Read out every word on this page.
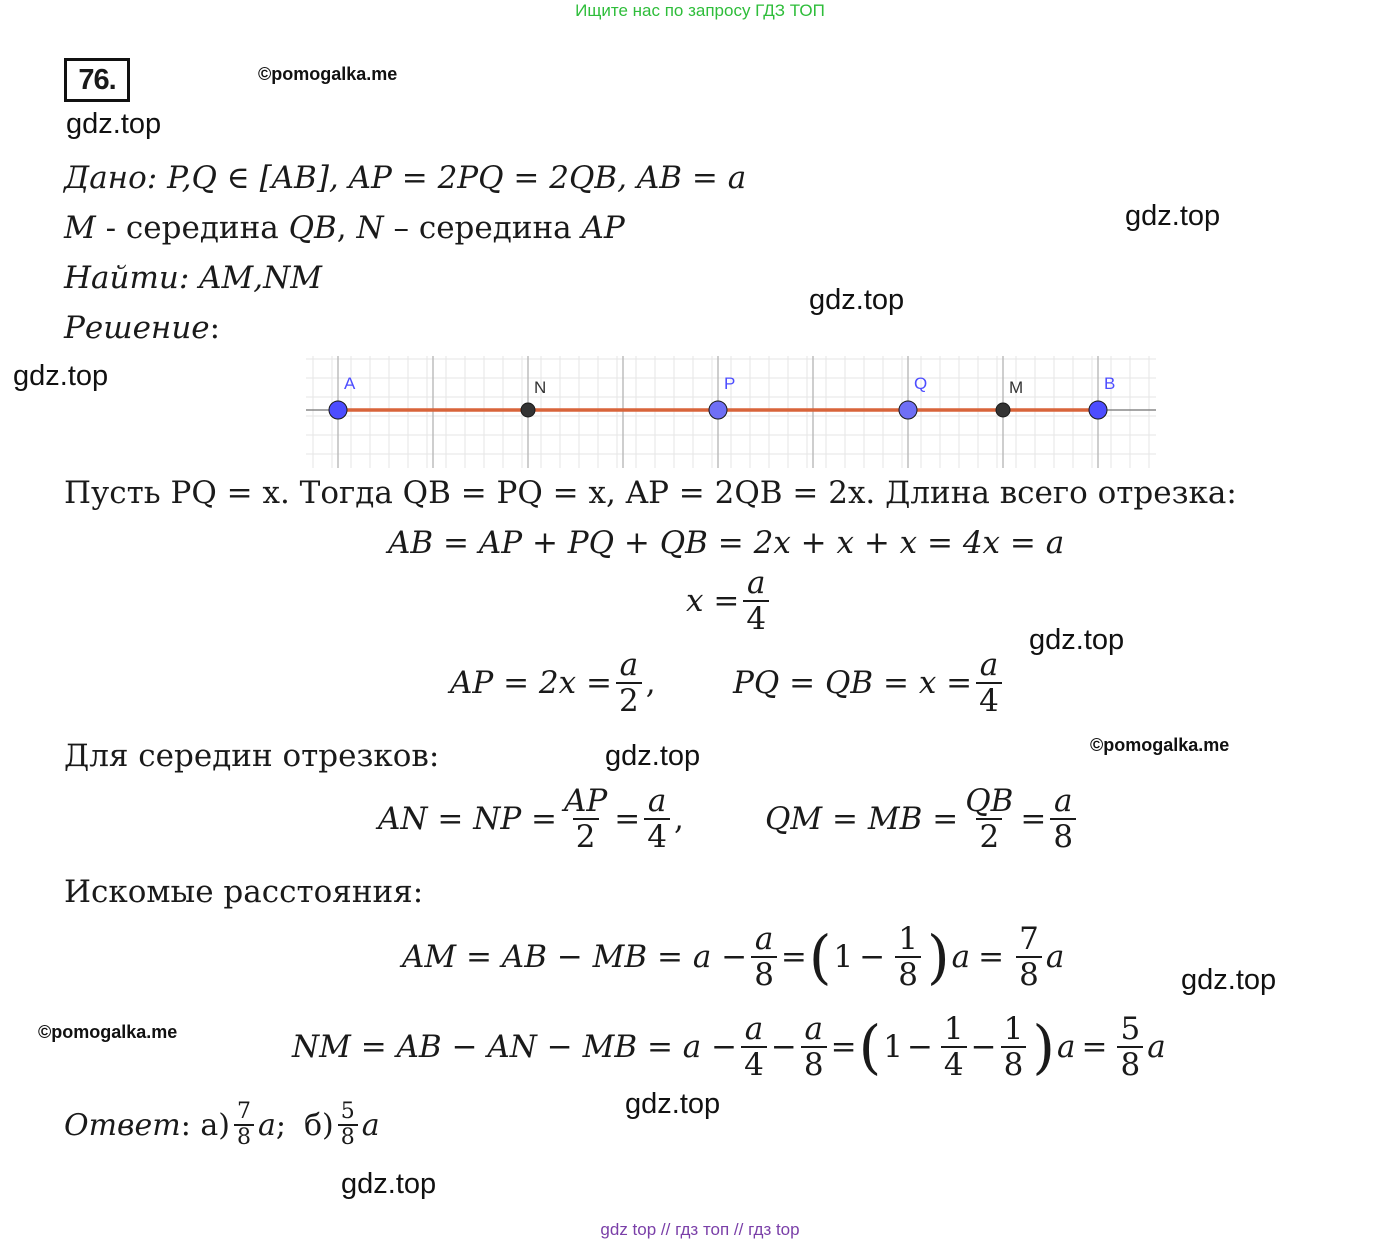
Ищите нас по запросу ГДЗ ТОП
76.	©pomogalka.me
gdz.top
Дано: P,Q ∈ [AB], AP = 2PQ = 2QB, AB = a
M - середина QB, N – середина AP	gdz.top
Найти: AM,NM
gdz.top
Решение:
gdz.top	A	N	P	Q	M	B
Пусть PQ = x. Тогда QB = PQ = x, AP = 2QB = 2x. Длина всего отрезка:
AB = AP + PQ + QB = 2x + x + x = 4x = a
$x = \frac{a}{4}$
gdz.top
AP = $2x = \frac{a}{2}$ , PQ = QB = $x = \frac{a}{4}$
Для середин отрезков:	gdz.top	©pomogalka.me
AN = NP = $\frac{AP}{2} = \frac{a}{4}$ ,	QM = MB = $\frac{QB}{2} = \frac{a}{8}$
Искомые расстояния:
AM = AB − MB = $a - \frac{a}{8}$ = ( $1 - \frac{1}{8}$ ) $a = \frac{7}{8}$ a
gdz.top
©pomogalka.me	NM = AB − AN − MB = $a - \frac{a}{4} - \frac{a}{8}$ = ( $1 - \frac{1}{4} - \frac{1}{8}$ ) $a = \frac{5}{8}$ a
gdz.top
Ответ : $а) \frac{7}{8}$ a ; $б) \frac{5}{8}$ a
gdz.top
gdz top // гдз топ // гдз top
